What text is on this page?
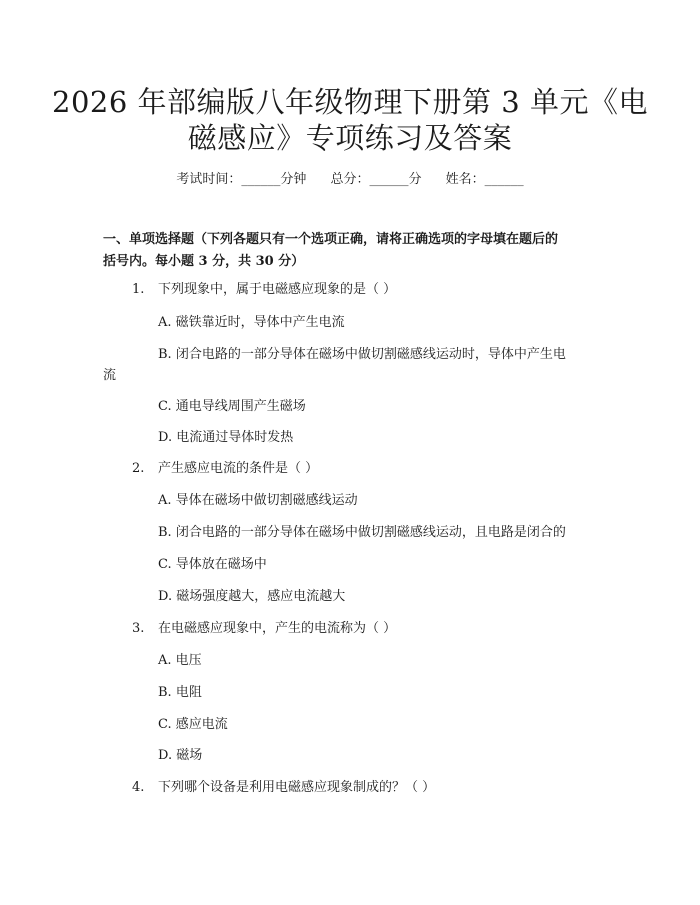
2026 年部编版八年级物理下册第 3 单元《电
磁感应》专项练习及答案
考试时间：______分钟 总分：______分 姓名：______
一、单项选择题（下列各题只有一个选项正确，请将正确选项的字母填在题后的
括号内。每小题 3 分，共 30 分）
1. 下列现象中，属于电磁感应现象的是（ ）
A. 磁铁靠近时，导体中产生电流
B. 闭合电路的一部分导体在磁场中做切割磁感线运动时，导体中产生电
流
C. 通电导线周围产生磁场
D. 电流通过导体时发热
2. 产生感应电流的条件是（ ）
A. 导体在磁场中做切割磁感线运动
B. 闭合电路的一部分导体在磁场中做切割磁感线运动，且电路是闭合的
C. 导体放在磁场中
D. 磁场强度越大，感应电流越大
3. 在电磁感应现象中，产生的电流称为（ ）
A. 电压
B. 电阻
C. 感应电流
D. 磁场
4. 下列哪个设备是利用电磁感应现象制成的？（ ）
